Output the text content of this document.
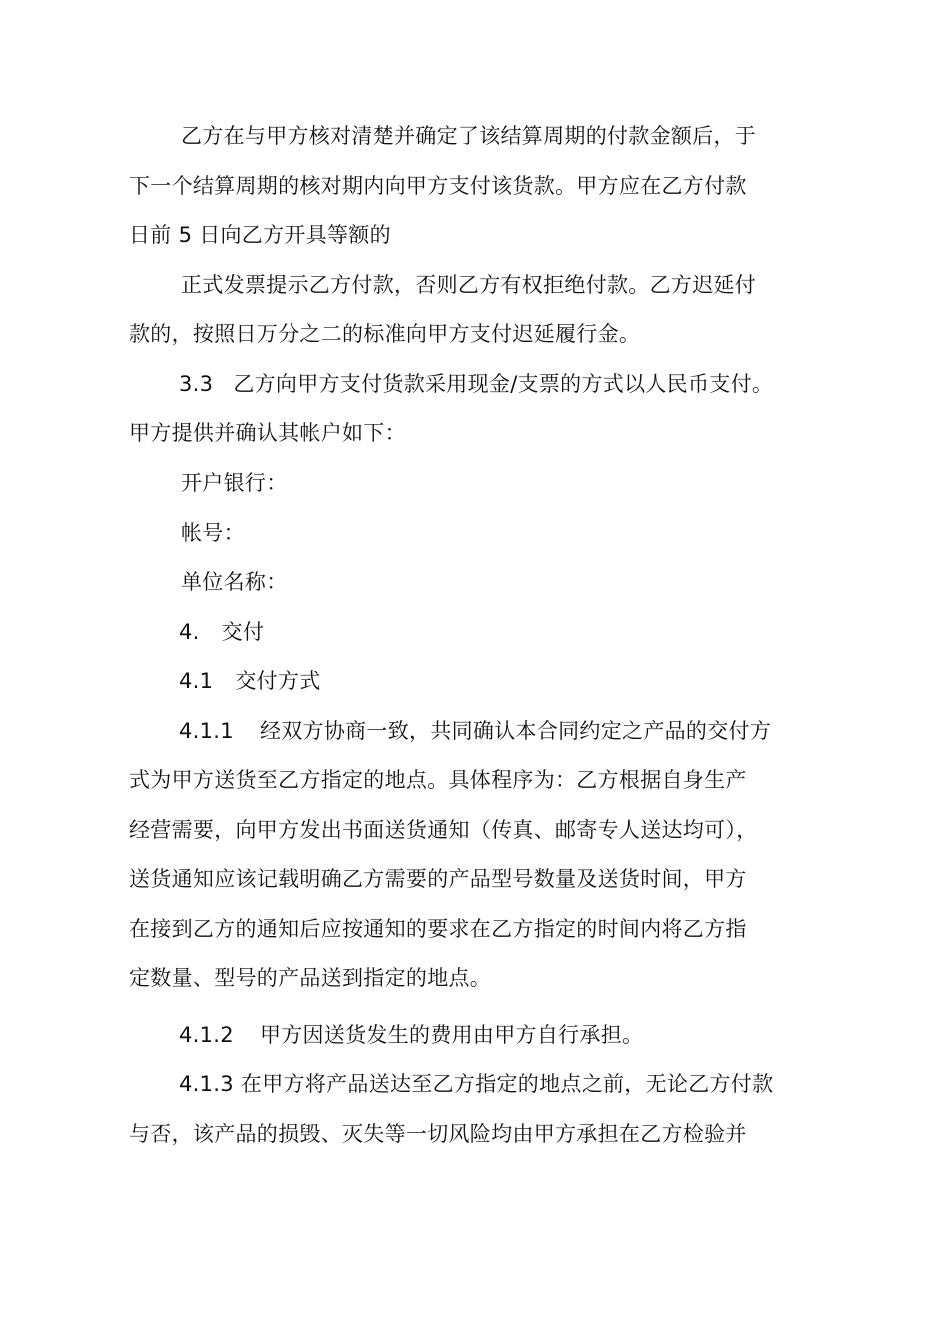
乙方在与甲方核对清楚并确定了该结算周期的付款金额后，于
下一个结算周期的核对期内向甲方支付该货款。甲方应在乙方付款
日前 5 日向乙方开具等额的
正式发票提示乙方付款，否则乙方有权拒绝付款。乙方迟延付
款的，按照日万分之二的标准向甲方支付迟延履行金。
3.3 乙方向甲方支付货款采用现金/支票的方式以人民币支付。
甲方提供并确认其帐户如下：
开户银行：
帐号：
单位名称：
4. 交付
4.1 交付方式
4.1.1 经双方协商一致，共同确认本合同约定之产品的交付方
式为甲方送货至乙方指定的地点。具体程序为：乙方根据自身生产
经营需要，向甲方发出书面送货通知（传真、邮寄专人送达均可），
送货通知应该记载明确乙方需要的产品型号数量及送货时间，甲方
在接到乙方的通知后应按通知的要求在乙方指定的时间内将乙方指
定数量、型号的产品送到指定的地点。
4.1.2 甲方因送货发生的费用由甲方自行承担。
4.1.3 在甲方将产品送达至乙方指定的地点之前，无论乙方付款
与否，该产品的损毁、灭失等一切风险均由甲方承担在乙方检验并
